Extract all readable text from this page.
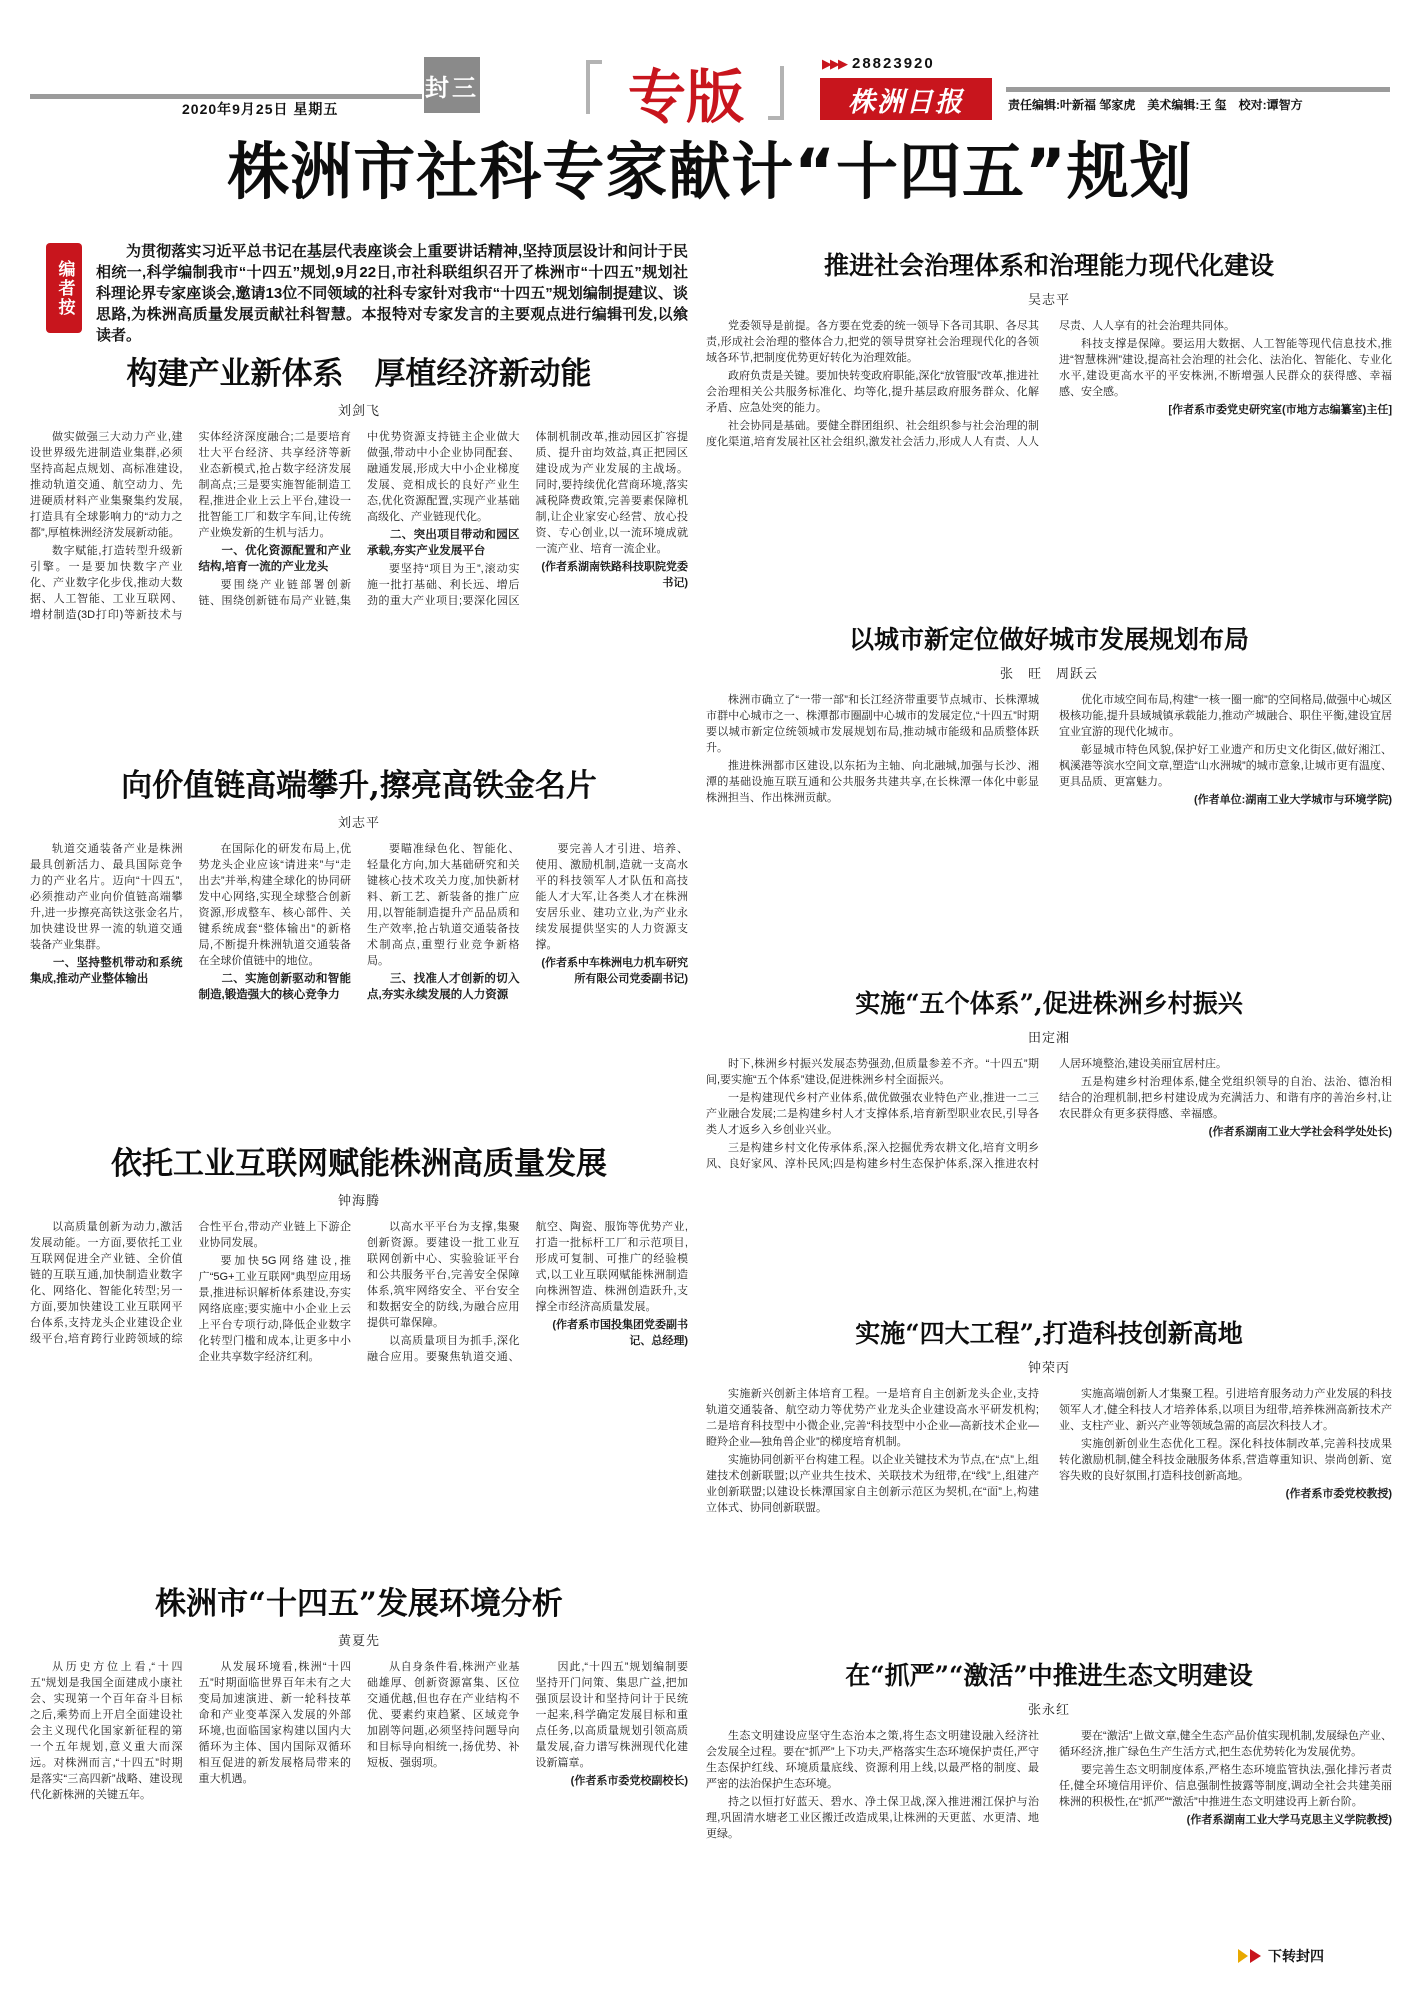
2020年9月25日 星期五
封三	专版	▶▶▶ 28823920
株洲日报	责任编辑:叶新福 邹家虎　美术编辑:王 玺　校对:谭智方
株洲市社科专家献计“十四五”规划
编者按
为贯彻落实习近平总书记在基层代表座谈会上重要讲话精神,坚持顶层设计和问计于民相统一,科学编制我市“十四五”规划,9月22日,市社科联组织召开了株洲市“十四五”规划社科理论界专家座谈会,邀请13位不同领域的社科专家针对我市“十四五”规划编制提建议、谈思路,为株洲高质量发展贡献社科智慧。本报特对专家发言的主要观点进行编辑刊发,以飨读者。
构建产业新体系　厚植经济新动能
刘剑飞

做实做强三大动力产业,建设世界级先进制造业集群,必须坚持高起点规划、高标准建设,推动轨道交通、航空动力、先进硬质材料产业集聚集约发展,打造具有全球影响力的“动力之都”,厚植株洲经济发展新动能。

数字赋能,打造转型升级新引擎。一是要加快数字产业化、产业数字化步伐,推动大数据、人工智能、工业互联网、增材制造(3D打印)等新技术与实体经济深度融合;二是要培育壮大平台经济、共享经济等新业态新模式,抢占数字经济发展制高点;三是要实施智能制造工程,推进企业上云上平台,建设一批智能工厂和数字车间,让传统产业焕发新的生机与活力。

一、优化资源配置和产业结构,培育一流的产业龙头

要围绕产业链部署创新链、围绕创新链布局产业链,集中优势资源支持链主企业做大做强,带动中小企业协同配套、融通发展,形成大中小企业梯度发展、竞相成长的良好产业生态,优化资源配置,实现产业基础高级化、产业链现代化。

二、突出项目带动和园区承载,夯实产业发展平台

要坚持“项目为王”,滚动实施一批打基础、利长远、增后劲的重大产业项目;要深化园区体制机制改革,推动园区扩容提质、提升亩均效益,真正把园区建设成为产业发展的主战场。同时,要持续优化营商环境,落实减税降费政策,完善要素保障机制,让企业家安心经营、放心投资、专心创业,以一流环境成就一流产业、培育一流企业。

(作者系湖南铁路科技职院党委书记)

向价值链高端攀升,擦亮高铁金名片
刘志平

轨道交通装备产业是株洲最具创新活力、最具国际竞争力的产业名片。迈向“十四五”,必须推动产业向价值链高端攀升,进一步擦亮高铁这张金名片,加快建设世界一流的轨道交通装备产业集群。

一、坚持整机带动和系统集成,推动产业整体输出

在国际化的研发布局上,优势龙头企业应该“请进来”与“走出去”并举,构建全球化的协同研发中心网络,实现全球整合创新资源,形成整车、核心部件、关键系统成套“整体输出”的新格局,不断提升株洲轨道交通装备在全球价值链中的地位。

二、实施创新驱动和智能制造,锻造强大的核心竞争力

要瞄准绿色化、智能化、轻量化方向,加大基础研究和关键核心技术攻关力度,加快新材料、新工艺、新装备的推广应用,以智能制造提升产品品质和生产效率,抢占轨道交通装备技术制高点,重塑行业竞争新格局。

三、找准人才创新的切入点,夯实永续发展的人力资源

要完善人才引进、培养、使用、激励机制,造就一支高水平的科技领军人才队伍和高技能人才大军,让各类人才在株洲安居乐业、建功立业,为产业永续发展提供坚实的人力资源支撑。

(作者系中车株洲电力机车研究所有限公司党委副书记)

依托工业互联网赋能株洲高质量发展
钟海腾

以高质量创新为动力,激活发展动能。一方面,要依托工业互联网促进全产业链、全价值链的互联互通,加快制造业数字化、网络化、智能化转型;另一方面,要加快建设工业互联网平台体系,支持龙头企业建设企业级平台,培育跨行业跨领域的综合性平台,带动产业链上下游企业协同发展。

要加快5G网络建设,推广“5G+工业互联网”典型应用场景,推进标识解析体系建设,夯实网络底座;要实施中小企业上云上平台专项行动,降低企业数字化转型门槛和成本,让更多中小企业共享数字经济红利。

以高水平平台为支撑,集聚创新资源。要建设一批工业互联网创新中心、实验验证平台和公共服务平台,完善安全保障体系,筑牢网络安全、平台安全和数据安全的防线,为融合应用提供可靠保障。

以高质量项目为抓手,深化融合应用。要聚焦轨道交通、航空、陶瓷、服饰等优势产业,打造一批标杆工厂和示范项目,形成可复制、可推广的经验模式,以工业互联网赋能株洲制造向株洲智造、株洲创造跃升,支撑全市经济高质量发展。

(作者系市国投集团党委副书记、总经理)

株洲市“十四五”发展环境分析
黄夏先

从历史方位上看,“十四五”规划是我国全面建成小康社会、实现第一个百年奋斗目标之后,乘势而上开启全面建设社会主义现代化国家新征程的第一个五年规划,意义重大而深远。对株洲而言,“十四五”时期是落实“三高四新”战略、建设现代化新株洲的关键五年。

从发展环境看,株洲“十四五”时期面临世界百年未有之大变局加速演进、新一轮科技革命和产业变革深入发展的外部环境,也面临国家构建以国内大循环为主体、国内国际双循环相互促进的新发展格局带来的重大机遇。

从自身条件看,株洲产业基础雄厚、创新资源富集、区位交通优越,但也存在产业结构不优、要素约束趋紧、区域竞争加剧等问题,必须坚持问题导向和目标导向相统一,扬优势、补短板、强弱项。

因此,“十四五”规划编制要坚持开门问策、集思广益,把加强顶层设计和坚持问计于民统一起来,科学确定发展目标和重点任务,以高质量规划引领高质量发展,奋力谱写株洲现代化建设新篇章。

(作者系市委党校副校长)

推进社会治理体系和治理能力现代化建设
吴志平

党委领导是前提。各方要在党委的统一领导下各司其职、各尽其责,形成社会治理的整体合力,把党的领导贯穿社会治理现代化的各领域各环节,把制度优势更好转化为治理效能。

政府负责是关键。要加快转变政府职能,深化“放管服”改革,推进社会治理相关公共服务标准化、均等化,提升基层政府服务群众、化解矛盾、应急处突的能力。

社会协同是基础。要健全群团组织、社会组织参与社会治理的制度化渠道,培育发展社区社会组织,激发社会活力,形成人人有责、人人尽责、人人享有的社会治理共同体。

科技支撑是保障。要运用大数据、人工智能等现代信息技术,推进“智慧株洲”建设,提高社会治理的社会化、法治化、智能化、专业化水平,建设更高水平的平安株洲,不断增强人民群众的获得感、幸福感、安全感。

[作者系市委党史研究室(市地方志编纂室)主任]

以城市新定位做好城市发展规划布局
张　旺　周跃云

株洲市确立了“一带一部”和长江经济带重要节点城市、长株潭城市群中心城市之一、株潭都市圈副中心城市的发展定位,“十四五”时期要以城市新定位统领城市发展规划布局,推动城市能级和品质整体跃升。

推进株洲都市区建设,以东拓为主轴、向北融城,加强与长沙、湘潭的基础设施互联互通和公共服务共建共享,在长株潭一体化中彰显株洲担当、作出株洲贡献。

优化市域空间布局,构建“一核一圈一廊”的空间格局,做强中心城区极核功能,提升县域城镇承载能力,推动产城融合、职住平衡,建设宜居宜业宜游的现代化城市。

彰显城市特色风貌,保护好工业遗产和历史文化街区,做好湘江、枫溪港等滨水空间文章,塑造“山水洲城”的城市意象,让城市更有温度、更具品质、更富魅力。

(作者单位:湖南工业大学城市与环境学院)

实施“五个体系”,促进株洲乡村振兴
田定湘

时下,株洲乡村振兴发展态势强劲,但质量参差不齐。“十四五”期间,要实施“五个体系”建设,促进株洲乡村全面振兴。

一是构建现代乡村产业体系,做优做强农业特色产业,推进一二三产业融合发展;二是构建乡村人才支撑体系,培育新型职业农民,引导各类人才返乡入乡创业兴业。

三是构建乡村文化传承体系,深入挖掘优秀农耕文化,培育文明乡风、良好家风、淳朴民风;四是构建乡村生态保护体系,深入推进农村人居环境整治,建设美丽宜居村庄。

五是构建乡村治理体系,健全党组织领导的自治、法治、德治相结合的治理机制,把乡村建设成为充满活力、和谐有序的善治乡村,让农民群众有更多获得感、幸福感。

(作者系湖南工业大学社会科学处处长)

实施“四大工程”,打造科技创新高地
钟荣丙

实施新兴创新主体培育工程。一是培育自主创新龙头企业,支持轨道交通装备、航空动力等优势产业龙头企业建设高水平研发机构;二是培育科技型中小微企业,完善“科技型中小企业—高新技术企业—瞪羚企业—独角兽企业”的梯度培育机制。

实施协同创新平台构建工程。以企业关键技术为节点,在“点”上,组建技术创新联盟;以产业共生技术、关联技术为纽带,在“线”上,组建产业创新联盟;以建设长株潭国家自主创新示范区为契机,在“面”上,构建立体式、协同创新联盟。

实施高端创新人才集聚工程。引进培育服务动力产业发展的科技领军人才,健全科技人才培养体系,以项目为纽带,培养株洲高新技术产业、支柱产业、新兴产业等领域急需的高层次科技人才。

实施创新创业生态优化工程。深化科技体制改革,完善科技成果转化激励机制,健全科技金融服务体系,营造尊重知识、崇尚创新、宽容失败的良好氛围,打造科技创新高地。

(作者系市委党校教授)

在“抓严”“激活”中推进生态文明建设
张永红

生态文明建设应坚守生态治本之策,将生态文明建设融入经济社会发展全过程。要在“抓严”上下功夫,严格落实生态环境保护责任,严守生态保护红线、环境质量底线、资源利用上线,以最严格的制度、最严密的法治保护生态环境。

持之以恒打好蓝天、碧水、净土保卫战,深入推进湘江保护与治理,巩固清水塘老工业区搬迁改造成果,让株洲的天更蓝、水更清、地更绿。

要在“激活”上做文章,健全生态产品价值实现机制,发展绿色产业、循环经济,推广绿色生产生活方式,把生态优势转化为发展优势。

要完善生态文明制度体系,严格生态环境监管执法,强化排污者责任,健全环境信用评价、信息强制性披露等制度,调动全社会共建美丽株洲的积极性,在“抓严”“激活”中推进生态文明建设再上新台阶。

(作者系湖南工业大学马克思主义学院教授)

下转封四
